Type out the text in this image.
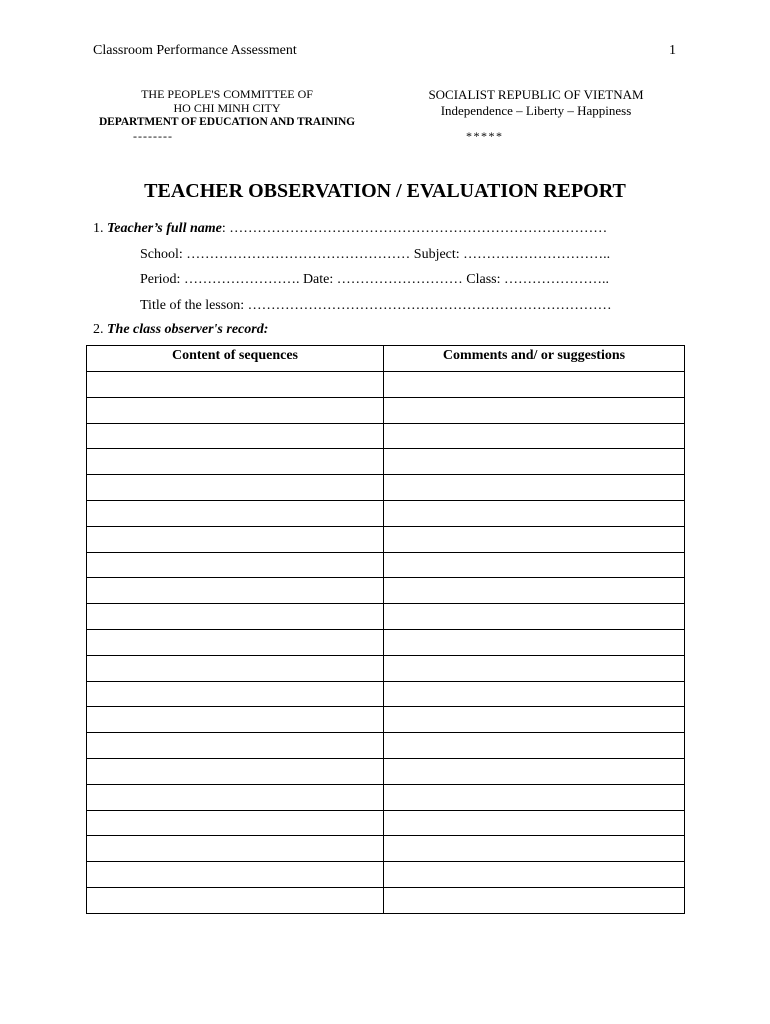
Classroom Performance Assessment	1
THE PEOPLE'S COMMITTEE OF
HO CHI MINH CITY
DEPARTMENT OF EDUCATION AND TRAINING
--------
SOCIALIST REPUBLIC OF VIETNAM
Independence – Liberty – Happiness
*****
TEACHER OBSERVATION / EVALUATION REPORT
1. Teacher’s full name: ………………………………………………………………………
School: ………………………………………… Subject: …………………………..
Period: ……………………. Date: ……………………… Class: …………………..
Title of the lesson: ……………………………………………………………………
2. The class observer's record:
Content of sequences	Comments and/ or suggestions
